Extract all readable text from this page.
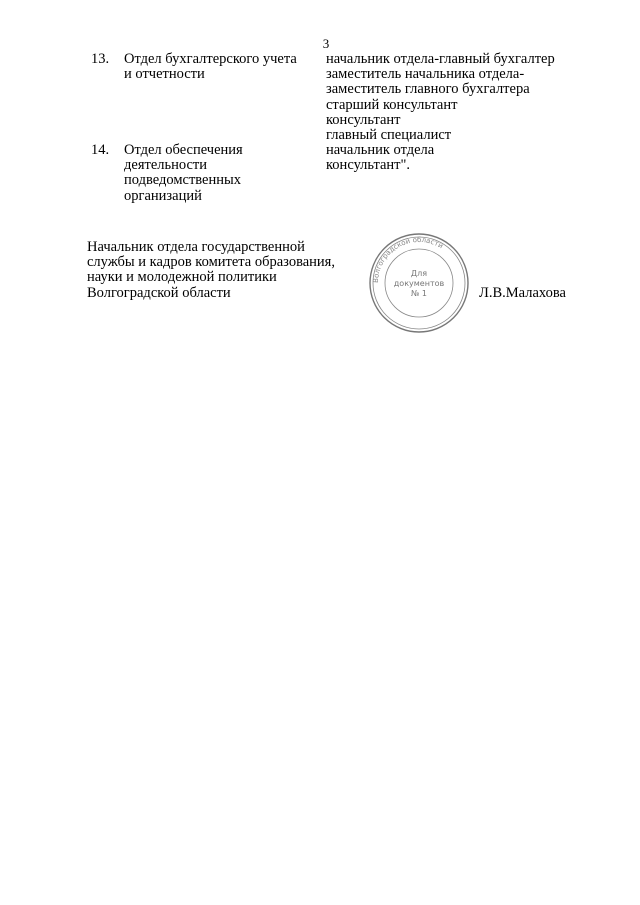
3
13. Отдел бухгалтерского учета
и отчетности
начальник отдела-главный бухгалтер
заместитель начальника отдела-
заместитель главного бухгалтера
старший консультант
консультант
главный специалист
14. Отдел обеспечения
деятельности
подведомственных
организаций
начальник отдела
консультант".
Начальник отдела государственной
службы и кадров комитета образования,
науки и молодежной политики
Волгоградской области
Волгоградской области
Для
документов
№ 1	Л.В.Малахова
